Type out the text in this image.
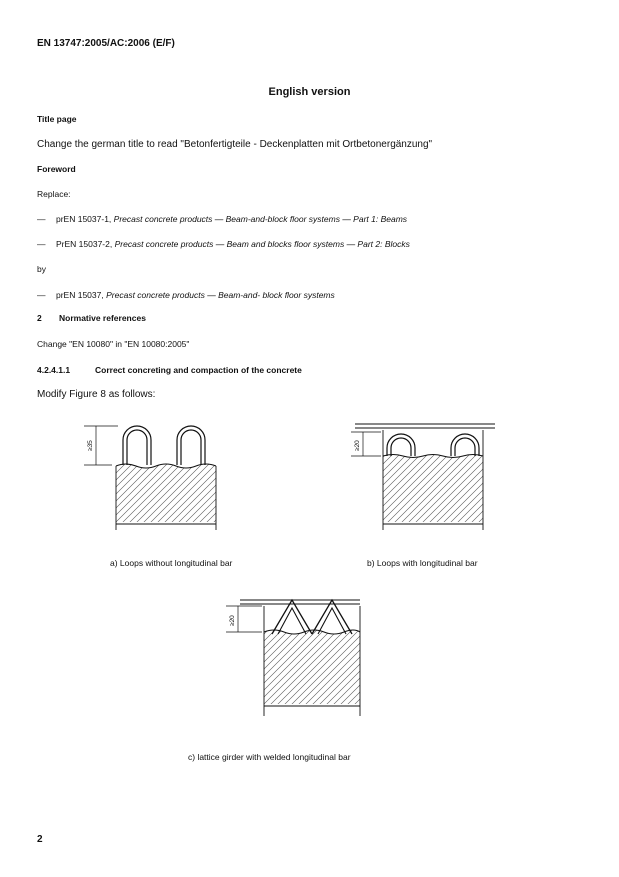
EN 13747:2005/AC:2006 (E/F)
English version
Title page
Change the german title to read "Betonfertigteile - Deckenplatten mit Ortbetonergänzung"
Foreword
Replace:
— prEN 15037-1, Precast concrete products — Beam-and-block floor systems — Part 1: Beams
— PrEN 15037-2, Precast concrete products — Beam and blocks floor systems — Part 2: Blocks
by
— prEN 15037, Precast concrete products — Beam-and- block floor systems
2 Normative references
Change "EN 10080" in "EN 10080:2005"
4.2.4.1.1	Correct concreting and compaction of the concrete
Modify Figure 8 as follows:
≥35	≥20
a) Loops without longitudinal bar	b) Loops with longitudinal bar
≥20
c) lattice girder with welded longitudinal bar
2
